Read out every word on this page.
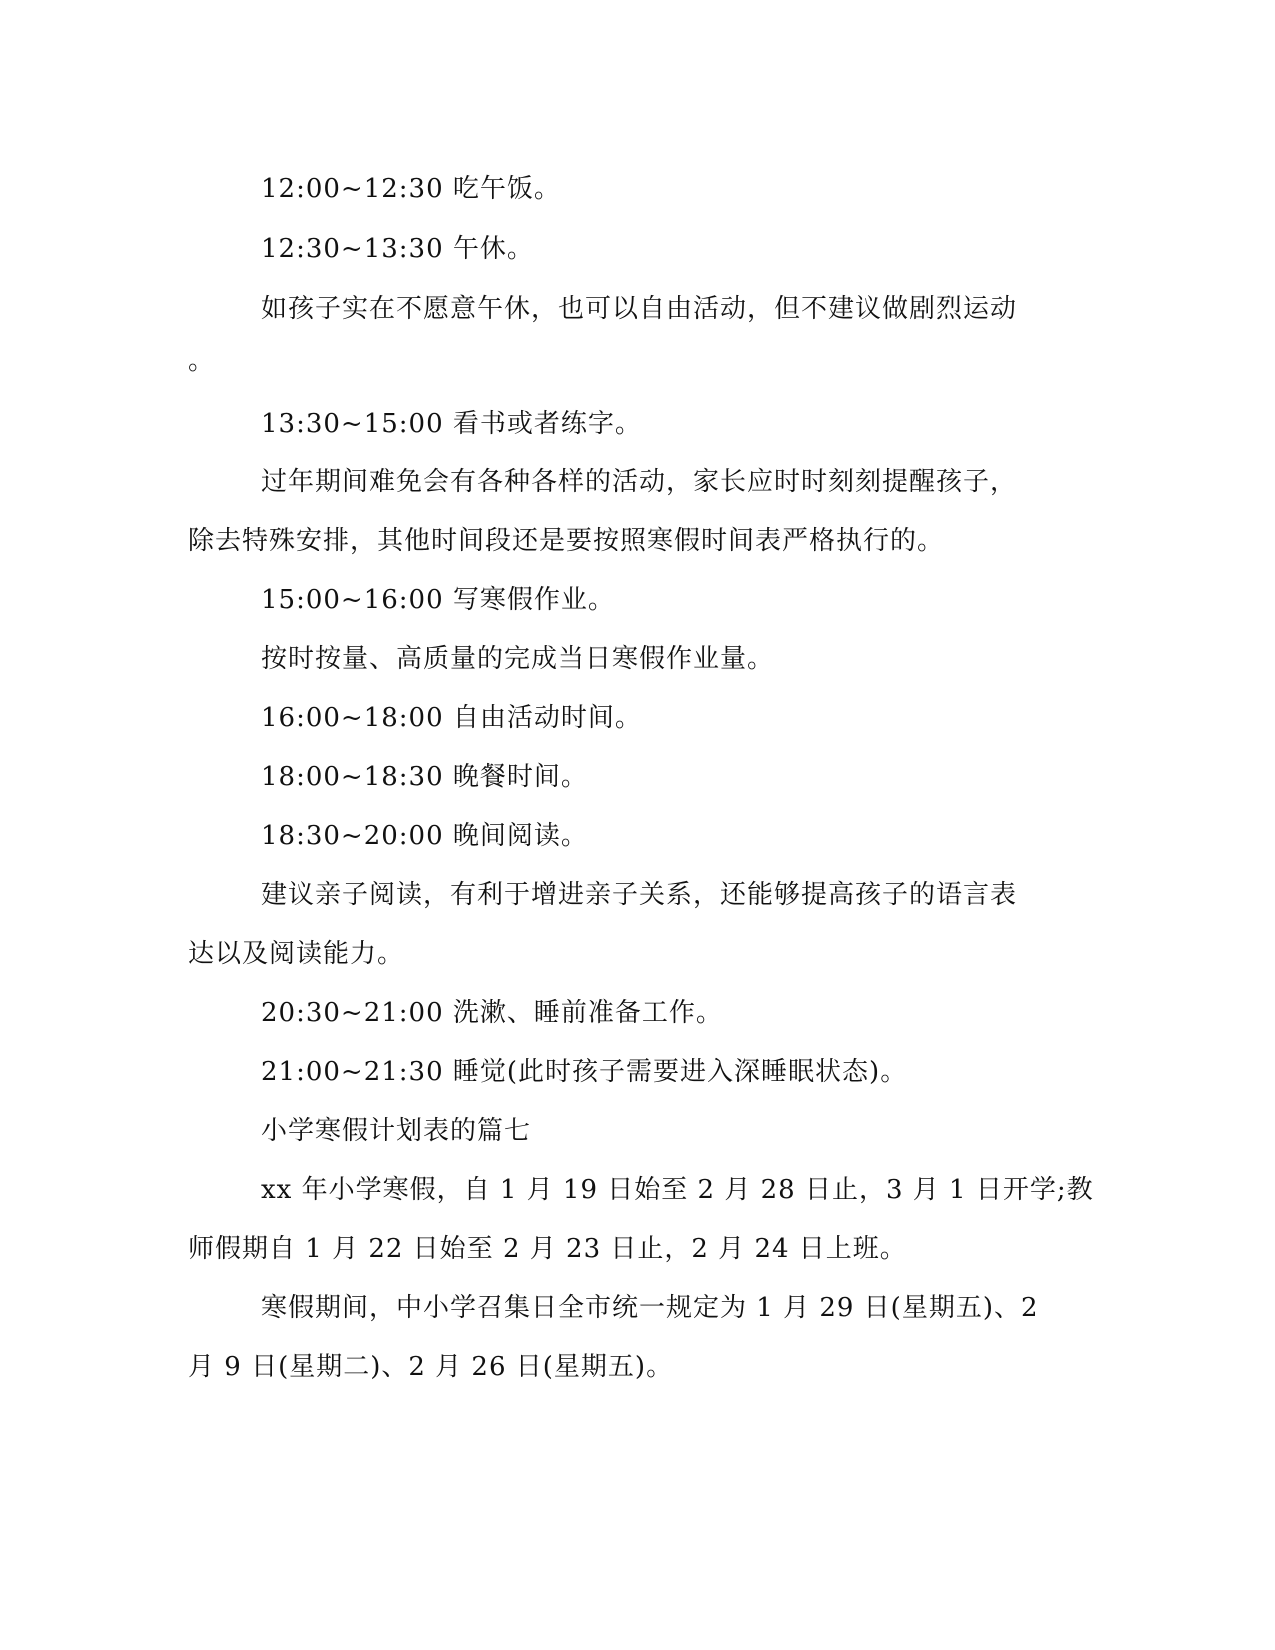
12:00~12:30 吃午饭。
12:30~13:30 午休。
如孩子实在不愿意午休，也可以自由活动，但不建议做剧烈运动
。
13:30~15:00 看书或者练字。
过年期间难免会有各种各样的活动，家长应时时刻刻提醒孩子，
除去特殊安排，其他时间段还是要按照寒假时间表严格执行的。
15:00~16:00 写寒假作业。
按时按量、高质量的完成当日寒假作业量。
16:00~18:00 自由活动时间。
18:00~18:30 晚餐时间。
18:30~20:00 晚间阅读。
建议亲子阅读，有利于增进亲子关系，还能够提高孩子的语言表
达以及阅读能力。
20:30~21:00 洗漱、睡前准备工作。
21:00~21:30 睡觉(此时孩子需要进入深睡眠状态)。
小学寒假计划表的篇七
xx 年小学寒假，自 1 月 19 日始至 2 月 28 日止，3 月 1 日开学;教
师假期自 1 月 22 日始至 2 月 23 日止，2 月 24 日上班。
寒假期间，中小学召集日全市统一规定为 1 月 29 日(星期五)、2
月 9 日(星期二)、2 月 26 日(星期五)。
